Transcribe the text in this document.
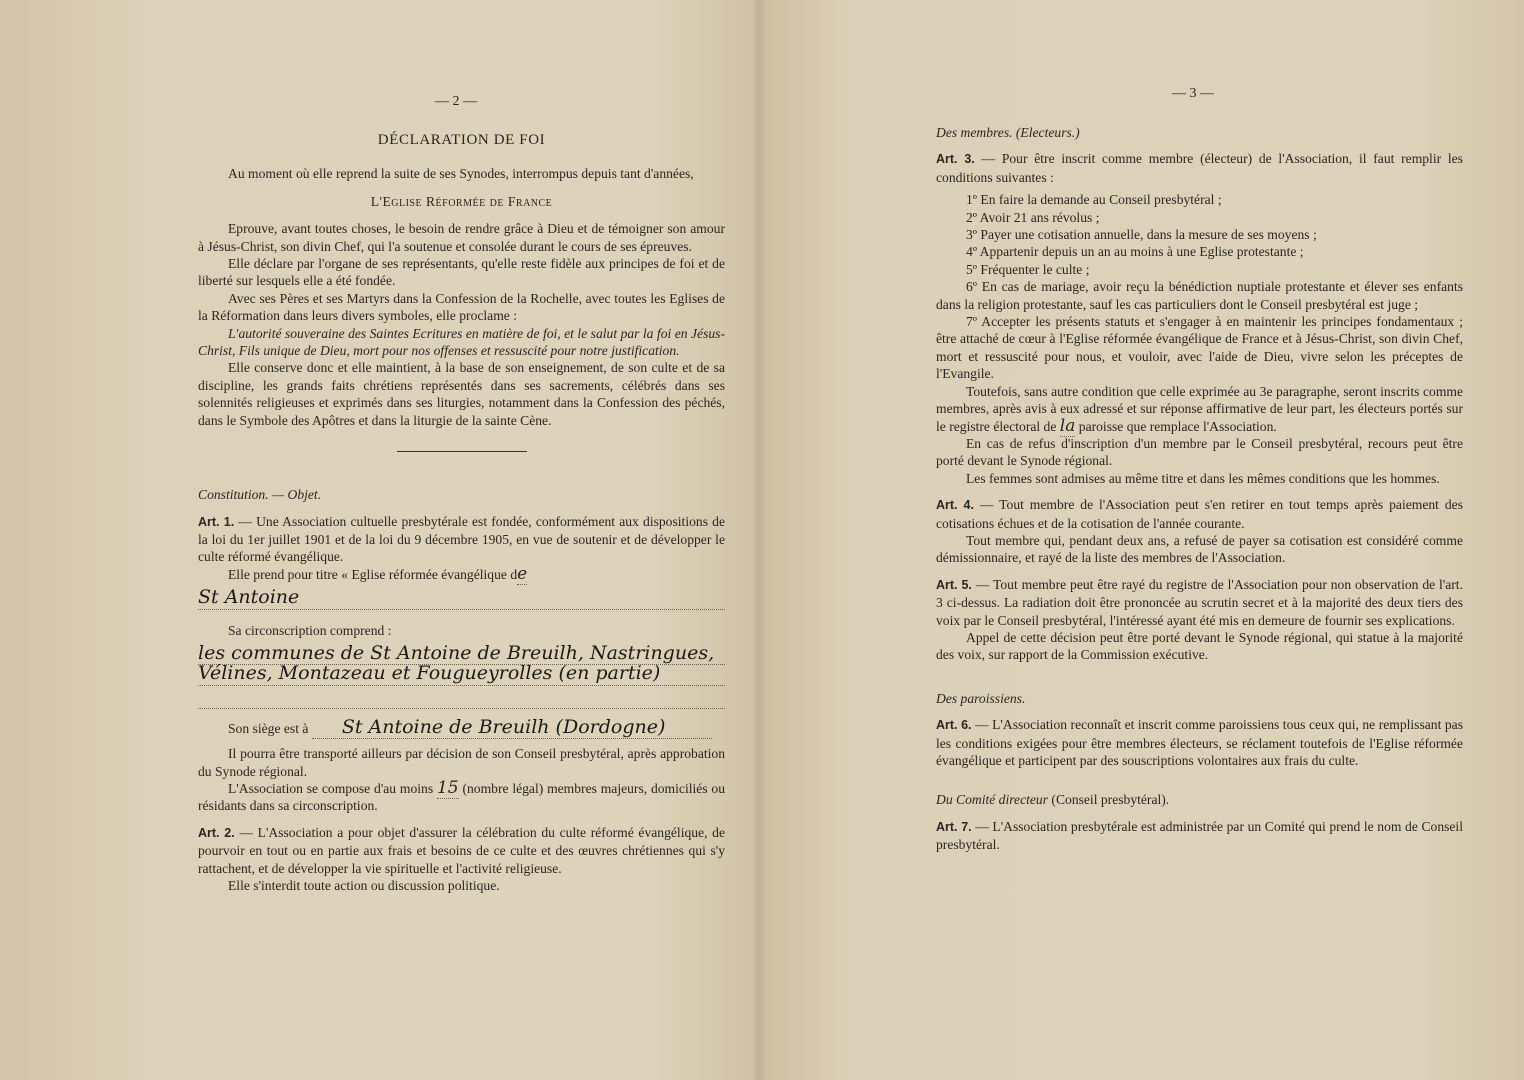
— 2 —

DÉCLARATION DE FOI

Au moment où elle reprend la suite de ses Synodes, interrompus depuis tant d'années,

L'Eglise Réformée de France

Eprouve, avant toutes choses, le besoin de rendre grâce à Dieu et de témoigner son amour à Jésus-Christ, son divin Chef, qui l'a soutenue et consolée durant le cours de ses épreuves.

Elle déclare par l'organe de ses représentants, qu'elle reste fidèle aux principes de foi et de liberté sur lesquels elle a été fondée.

Avec ses Pères et ses Martyrs dans la Confession de la Rochelle, avec toutes les Eglises de la Réformation dans leurs divers symboles, elle proclame :

L'autorité souveraine des Saintes Ecritures en matière de foi, et le salut par la foi en Jésus-Christ, Fils unique de Dieu, mort pour nos offenses et ressuscité pour notre justification.

Elle conserve donc et elle maintient, à la base de son enseignement, de son culte et de sa discipline, les grands faits chrétiens représentés dans ses sacrements, célébrés dans ses solennités religieuses et exprimés dans ses liturgies, notamment dans la Confession des péchés, dans le Symbole des Apôtres et dans la liturgie de la sainte Cène.

Constitution. — Objet.

Art. 1. — Une Association cultuelle presbytérale est fondée, conformément aux dispositions de la loi du 1er juillet 1901 et de la loi du 9 décembre 1905, en vue de soutenir et de développer le culte réformé évangélique.

Elle prend pour titre « Eglise réformée évangélique de

St Antoine

Sa circonscription comprend :

les communes de St Antoine de Breuilh, Nastringues,

Vélines, Montazeau et Fougueyrolles (en partie)

Son siège est à St Antoine de Breuilh (Dordogne)

Il pourra être transporté ailleurs par décision de son Conseil presbytéral, après approbation du Synode régional.

L'Association se compose d'au moins 15 (nombre légal) membres majeurs, domiciliés ou résidants dans sa circonscription.

Art. 2. — L'Association a pour objet d'assurer la célébration du culte réformé évangélique, de pourvoir en tout ou en partie aux frais et besoins de ce culte et des œuvres chrétiennes qui s'y rattachent, et de développer la vie spirituelle et l'activité religieuse.

Elle s'interdit toute action ou discussion politique.

— 3 —

Des membres. (Electeurs.)

Art. 3. — Pour être inscrit comme membre (électeur) de l'Association, il faut remplir les conditions suivantes :

1º En faire la demande au Conseil presbytéral ;

2º Avoir 21 ans révolus ;

3º Payer une cotisation annuelle, dans la mesure de ses moyens ;

4º Appartenir depuis un an au moins à une Eglise protestante ;

5º Fréquenter le culte ;

6º En cas de mariage, avoir reçu la bénédiction nuptiale protestante et élever ses enfants dans la religion protestante, sauf les cas particuliers dont le Conseil presbytéral est juge ;

7º Accepter les présents statuts et s'engager à en maintenir les principes fondamentaux ; être attaché de cœur à l'Eglise réformée évangélique de France et à Jésus-Christ, son divin Chef, mort et ressuscité pour nous, et vouloir, avec l'aide de Dieu, vivre selon les préceptes de l'Evangile.

Toutefois, sans autre condition que celle exprimée au 3e paragraphe, seront inscrits comme membres, après avis à eux adressé et sur réponse affirmative de leur part, les électeurs portés sur le registre électoral de la paroisse que remplace l'Association.

En cas de refus d'inscription d'un membre par le Conseil presbytéral, recours peut être porté devant le Synode régional.

Les femmes sont admises au même titre et dans les mêmes conditions que les hommes.

Art. 4. — Tout membre de l'Association peut s'en retirer en tout temps après paiement des cotisations échues et de la cotisation de l'année courante.

Tout membre qui, pendant deux ans, a refusé de payer sa cotisation est considéré comme démissionnaire, et rayé de la liste des membres de l'Association.

Art. 5. — Tout membre peut être rayé du registre de l'Association pour non observation de l'art. 3 ci-dessus. La radiation doit être prononcée au scrutin secret et à la majorité des deux tiers des voix par le Conseil presbytéral, l'intéressé ayant été mis en demeure de fournir ses explications.

Appel de cette décision peut être porté devant le Synode régional, qui statue à la majorité des voix, sur rapport de la Commission exécutive.

Des paroissiens.

Art. 6. — L'Association reconnaît et inscrit comme paroissiens tous ceux qui, ne remplissant pas les conditions exigées pour être membres électeurs, se réclament toutefois de l'Eglise réformée évangélique et participent par des souscriptions volontaires aux frais du culte.

Du Comité directeur (Conseil presbytéral).

Art. 7. — L'Association presbytérale est administrée par un Comité qui prend le nom de Conseil presbytéral.
